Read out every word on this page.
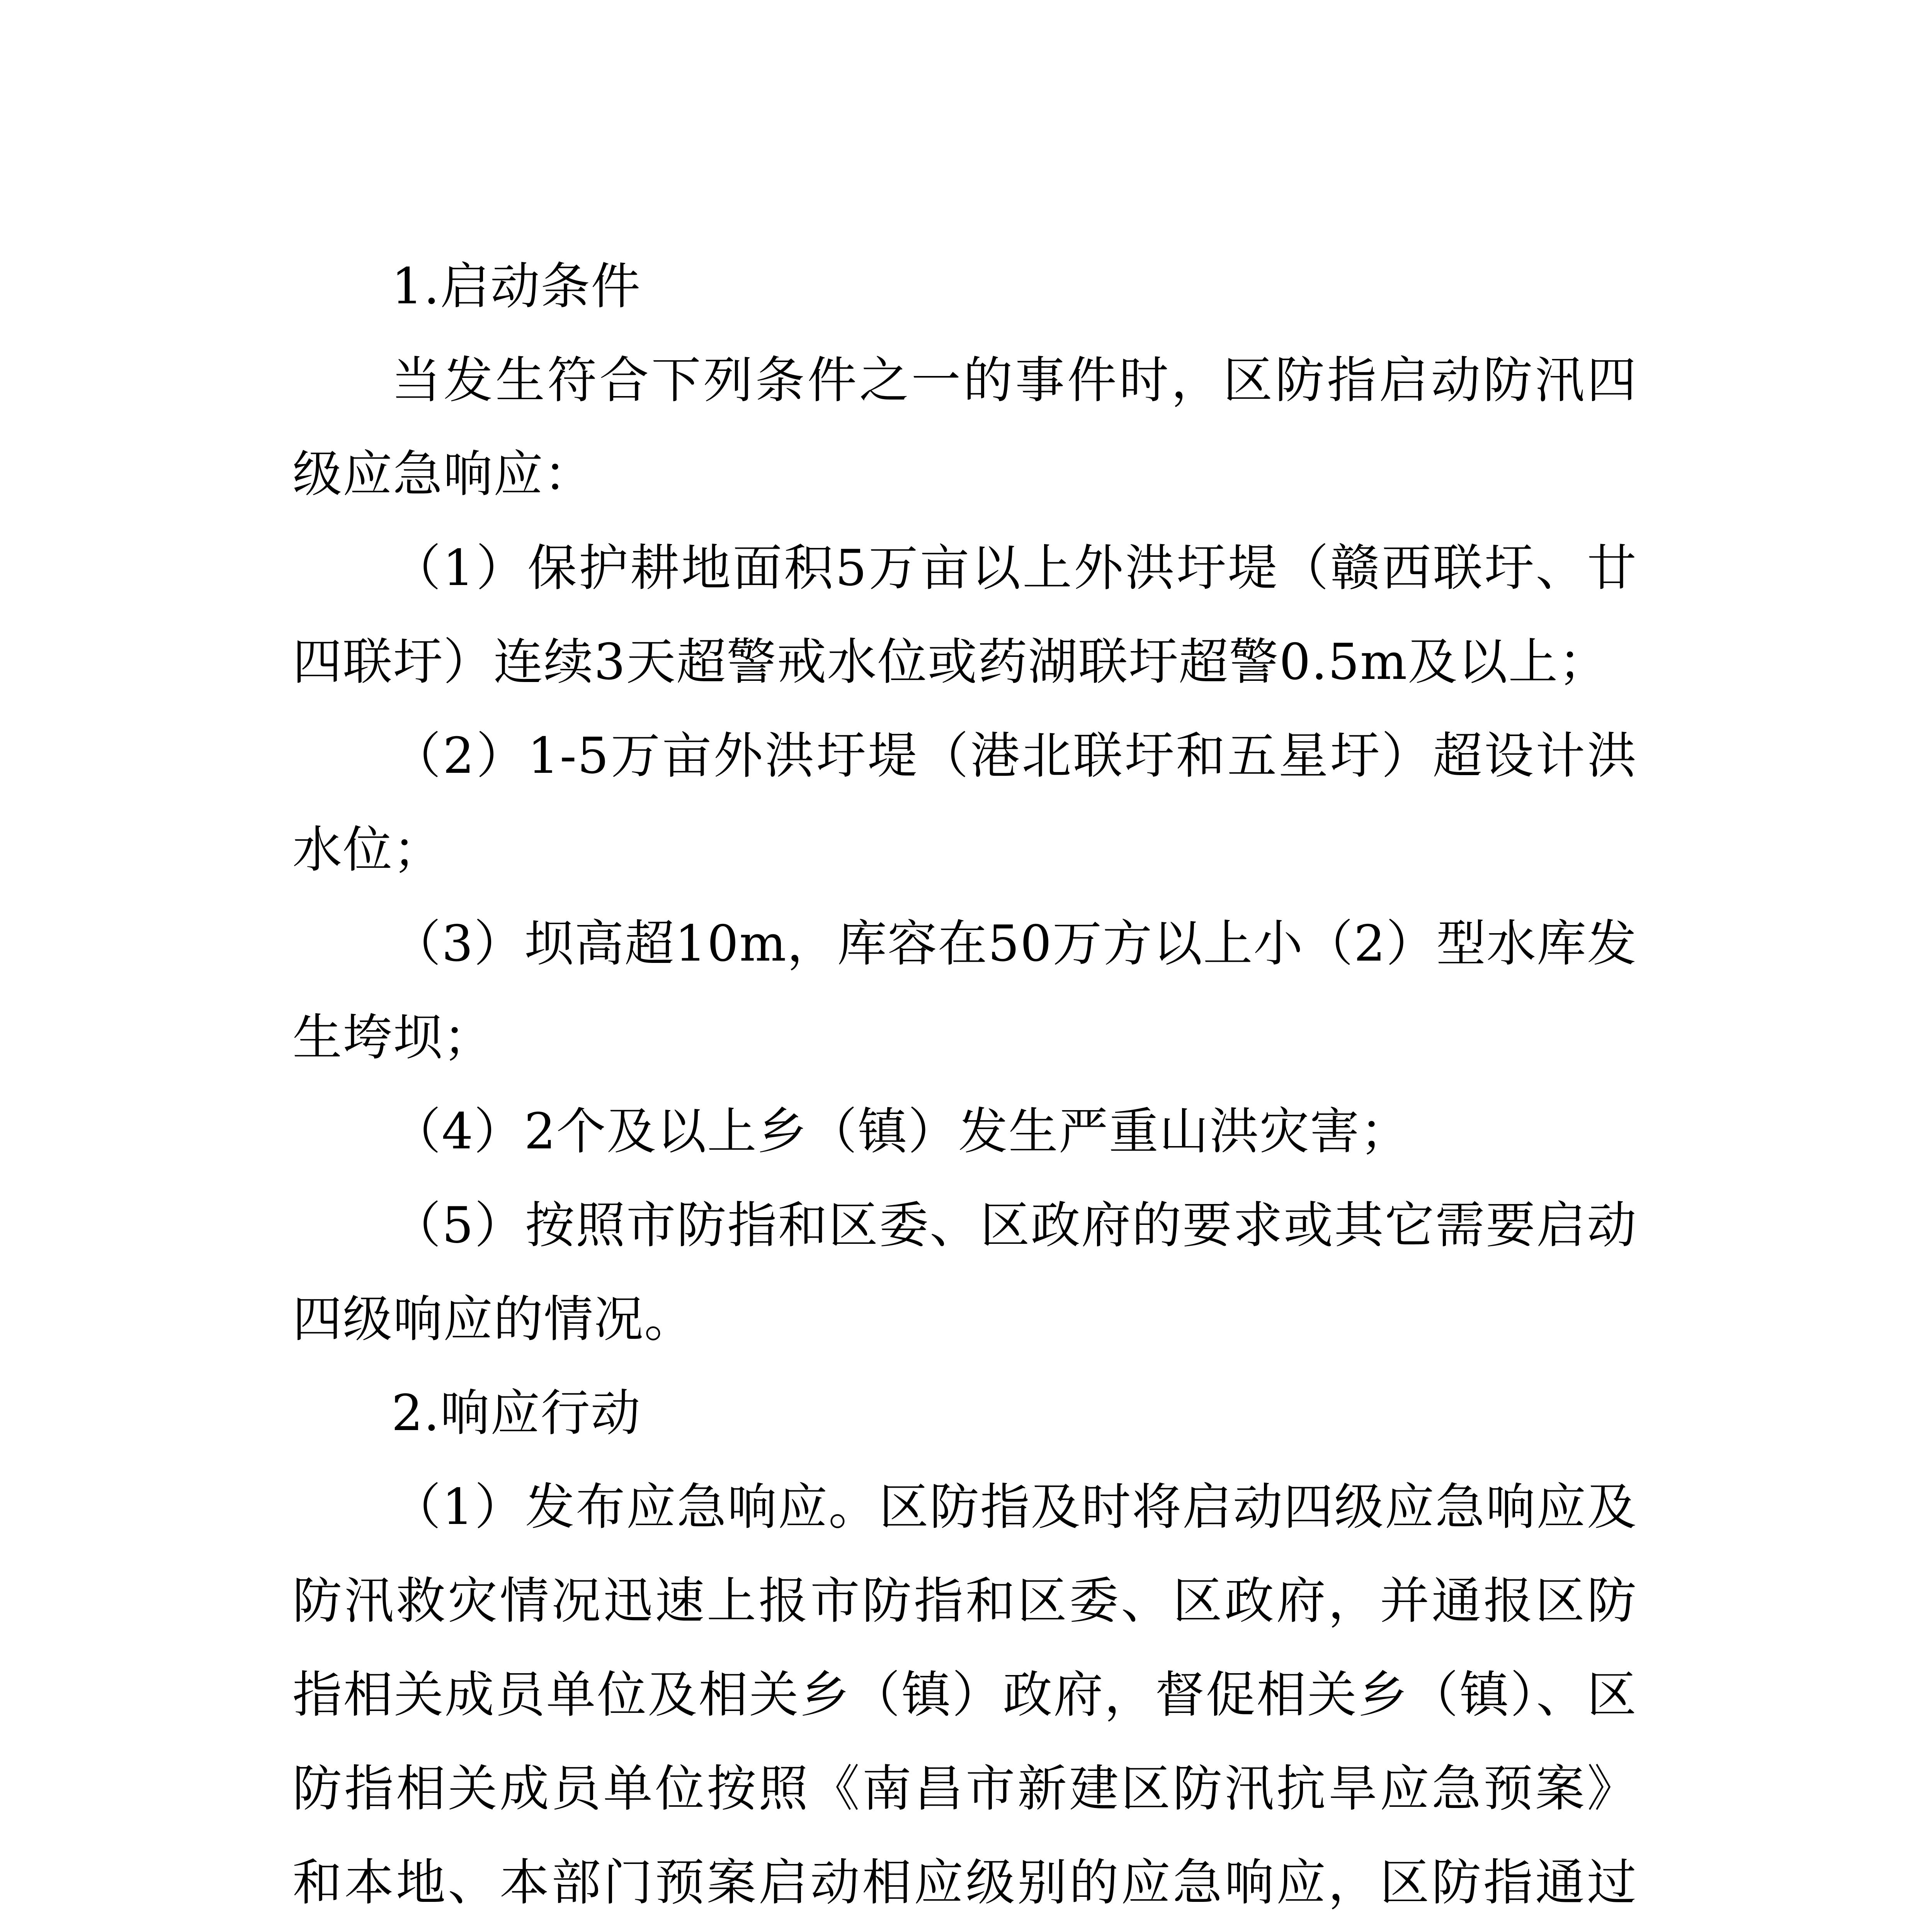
1.启动条件

当发生符合下列条件之一的事件时，区防指启动防汛四级应急响应：

（1）保护耕地面积5万亩以上外洪圩堤（赣西联圩、廿四联圩）连续3天超警戒水位或药湖联圩超警0.5m及以上；

（2）1-5万亩外洪圩堤（港北联圩和五星圩）超设计洪水位；

（3）坝高超10m，库容在50万方以上小（2）型水库发生垮坝；

（4）2个及以上乡（镇）发生严重山洪灾害；

（5）按照市防指和区委、区政府的要求或其它需要启动四级响应的情况。

2.响应行动

（1）发布应急响应。区防指及时将启动四级应急响应及防汛救灾情况迅速上报市防指和区委、区政府，并通报区防指相关成员单位及相关乡（镇）政府，督促相关乡（镇）、区防指相关成员单位按照《南昌市新建区防汛抗旱应急预案》和本地、本部门预案启动相应级别的应急响应，区防指通过
